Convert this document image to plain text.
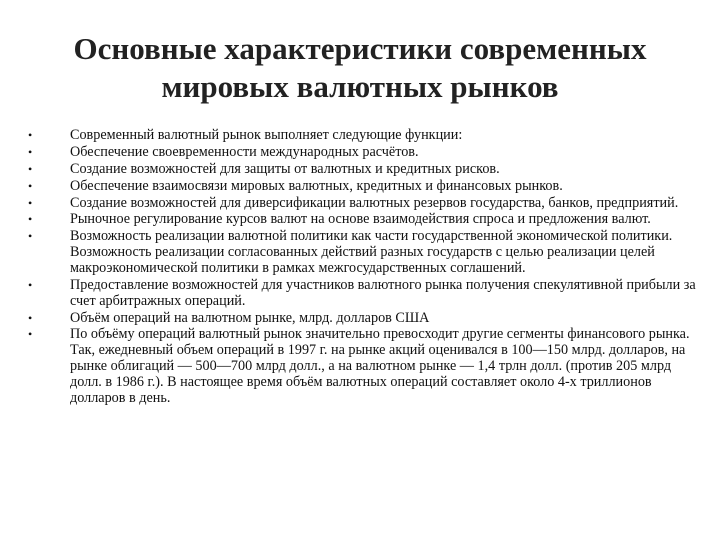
Основные характеристики современных
мировых валютных рынков
•	Современный валютный рынок выполняет следующие функции:
•	Обеспечение своевременности международных расчётов.
•	Создание возможностей для защиты от валютных и кредитных рисков.
•	Обеспечение взаимосвязи мировых валютных, кредитных и финансовых рынков.
•	Создание возможностей для диверсификации валютных резервов государства, банков, предприятий.
•	Рыночное регулирование курсов валют на основе взаимодействия спроса и предложения валют.
•	Возможность реализации валютной политики как части государственной экономической политики. Возможность реализации согласованных действий разных государств с целью реализации целей макроэкономической политики в рамках межгосударственных соглашений.
•	Предоставление возможностей для участников валютного рынка получения спекулятивной прибыли за счет арбитражных операций.
•	Объём операций на валютном рынке, млрд. долларов США
•	По объёму операций валютный рынок значительно превосходит другие сегменты финансового рынка. Так, ежедневный объем операций в 1997 г. на рынке акций оценивался в 100—150 млрд. долларов, на рынке облигаций — 500—700 млрд долл., а на валютном рынке — 1,4 трлн долл. (против 205 млрд долл. в 1986 г.). В настоящее время объём валютных операций составляет около 4-х триллионов долларов в день.
